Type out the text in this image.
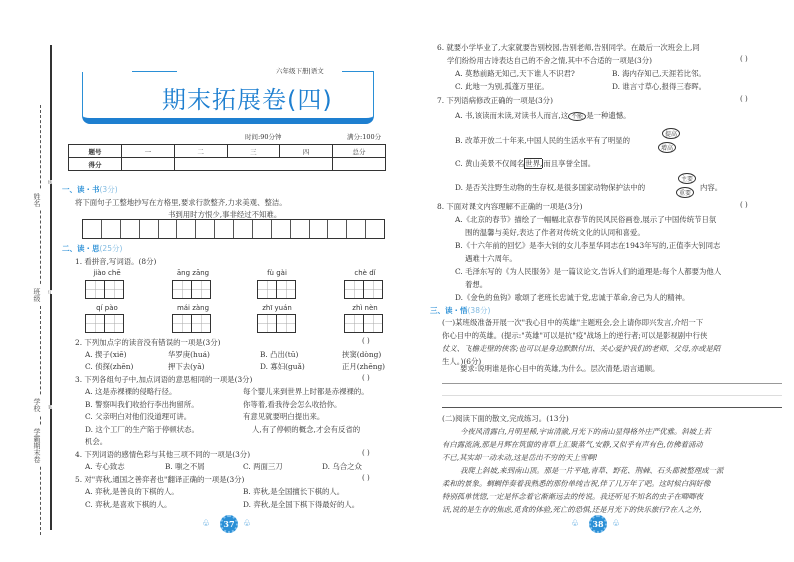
姓名
班级
学校
学霸期末卷
线
订
装
六年级下册|语文
期末拓展卷(四)
时间:90分钟	满分:100分
题号	一	二	三	四	总分
得分					
一、读・书(3分)
将下面句子工整地抄写在方格里,要求行款整齐,力求美观、整洁。
书到用时方恨少,事非经过不知难。
二、读・思(25分)
1. 看拼音,写词语。(8分)
jiào chē	āng zāng	fù gài	chè dǐ
qí pào	mái zàng	zhī yuán	zhì nèn
2. 下列加点字的读音没有错误的一项是(3分)	( )
A. 揳子(xiē)	华罗庚(huá)	B. 凸出(tū)	挟窦(dòng)
C. 侦探(zhēn)	押下去(yā)	D. 寡妇(guǎ)	正月(zhēng)
3. 下列各组句子中,加点词语的意思相同的一项是(3分)	( )
A. 这是赤裸裸的侵略行径。	每个婴儿来到世界上时都是赤裸裸的。
B. 警察叫我们收拾行李出拘留所。	你等着,看我待会怎么收拾你。
C. 父亲明白对他们没道理可讲。	有意见就要明白提出来。
D. 这个工厂的生产陷于停顿状态。	人,有了停顿的概念,才会有反省的
机会。
4. 下列词语的感情色彩与其他三项不同的一项是(3分)	( )
A. 专心致志	B. 嗤之不屑	C. 两面三刀	D. 乌合之众
5. 对"弈秋,通国之善弈者也"翻译正确的一项是(3分)	( )
A. 弈秋,是善良的下棋的人。	B. 弈秋,是全国擅长下棋的人。
C. 弈秋,是喜欢下棋的人。	D. 弈秋,是全国下棋下得最好的人。
♧	37 ♧
6. 就要小学毕业了,大家就要告别校园,告别老师,告别同学。在最后一次班会上,同
学们纷纷用古诗表达自己的不舍之情,其中不合适的一项是(3分)	( )
A. 莫愁前路无知己,天下谁人不识君?	B. 海内存知己,天涯若比邻。
C. 此地一为别,孤蓬万里征。	D. 谁言寸草心,报得三春晖。
7. 下列语病修改正确的一项是(3分)	( )
A. 书,该读而未读,对读书人而言,这 不能 是一种遗憾。
B. 改革开放二十年来,中国人民的生活水平有了明显的
提高
增高
C. 黄山美景不仅闻名世界,而且享誉全国。
D. 是否关注野生动物的生存权,是很多国家动物保护法中的
主要
重要
内容。
8. 下面对课文内容理解不正确的一项是(3分)	( )
A.《北京的春节》描绘了一幅幅北京春节的民风民俗画卷,展示了中国传统节日氛
围的温馨与美好,表达了作者对传统文化的认同和喜爱。
B.《十六年前的回忆》是李大钊的女儿李星华同志在1943年写的,正值李大钊同志
遇难十六周年。
C. 毛泽东写的《为人民服务》是一篇议论文,告诉人们的道理是:每个人都要为他人
着想。
D.《金色的鱼钩》歌颂了老班长忠诚于党,忠诚于革命,舍己为人的精神。
三、读・悟(38分)
(一)某班级准备开展一次"我心目中的英雄"主题班会,会上请你即兴发言,介绍一下
你心目中的英雄。(提示:"英雄"可以是抗"疫"战场上的逆行者;可以是影视剧中行侠
仗义、飞檐走壁的侠客;也可以是身边默默付出、关心爱护我们的老师、父母,亦或是陌
生人。)(6分)
要求:说明谁是你心目中的英雄,为什么。层次清楚,语言通顺。
(二)阅读下面的散文,完成练习。(13分)
今夜风清露白,月明星稀,宇宙清澈,月光下的南山显得格外庄严优雅。斜坡上若
有白露流淌,那是月辉在筑窗的青草上汇聚蒸气,安静,又似乎有声有色,仿佛着涌动
不已,其实却一动未动,这是岳出不穷的天上雪啊!
我爬上斜坡,来到南山顶。那是一片平地,青草、野花、荆棘、石头都被整理成一派
柔和的景象。蜩蜩伴奏着我熟悉的那份单纯吉祝,伴了几万年了吧。这时候白润好像
特别孤单恍惚,一定是怀念着它渐渐远去的传说。我还听见不知名的虫子在唧唧夜
话,说的是生存的焦虑,觅食的体验,死亡的恐惧,还是月光下的快乐旅行?在人之外,
♧	38 ♧
